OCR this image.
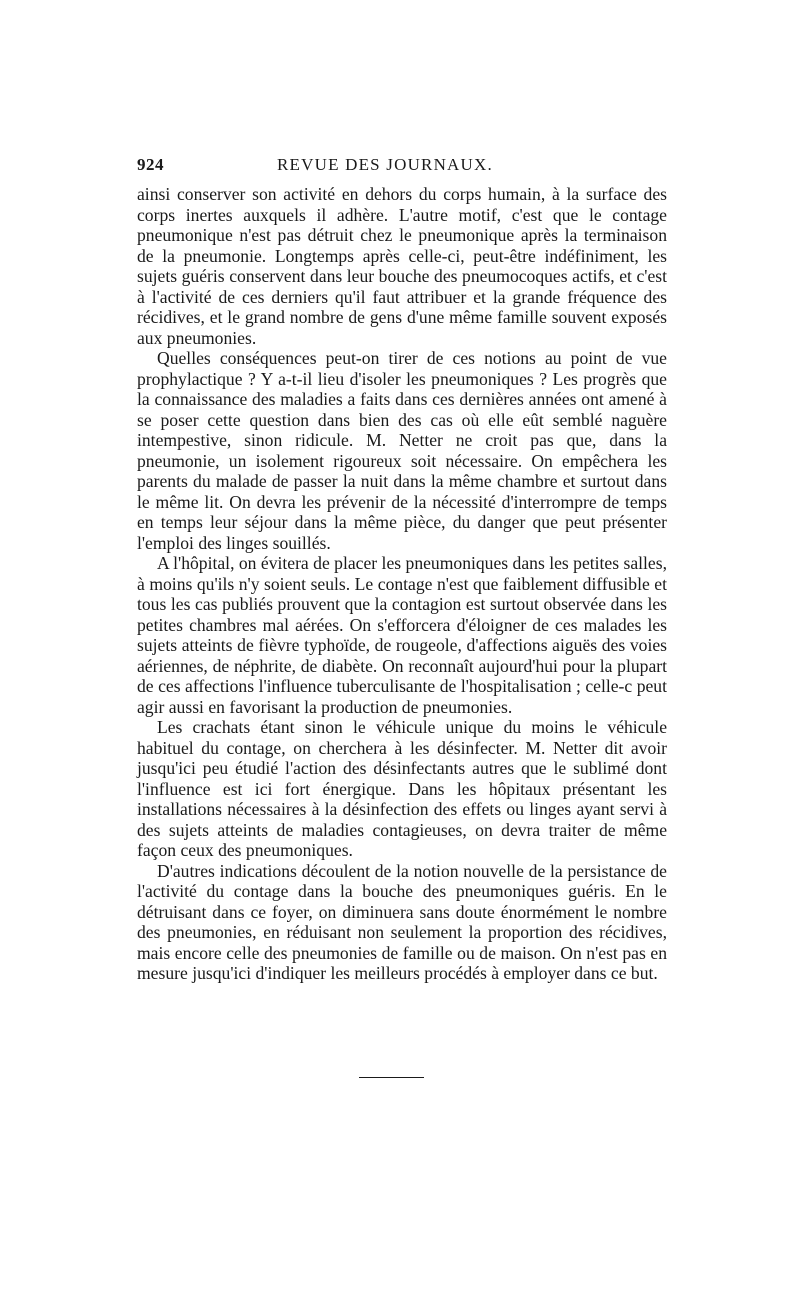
924	REVUE DES JOURNAUX.

ainsi conserver son activité en dehors du corps humain, à la surface des corps inertes auxquels il adhère. L'autre motif, c'est que le contage pneumonique n'est pas détruit chez le pneumonique après la terminaison de la pneumonie. Longtemps après celle-ci, peut-être indéfiniment, les sujets guéris conservent dans leur bouche des pneumocoques actifs, et c'est à l'activité de ces derniers qu'il faut attribuer et la grande fréquence des récidives, et le grand nombre de gens d'une même famille souvent exposés aux pneumonies.

Quelles conséquences peut-on tirer de ces notions au point de vue prophylactique ? Y a-t-il lieu d'isoler les pneumoniques ? Les progrès que la connaissance des maladies a faits dans ces dernières années ont amené à se poser cette question dans bien des cas où elle eût semblé naguère intempestive, sinon ridicule. M. Netter ne croit pas que, dans la pneumonie, un isolement rigoureux soit nécessaire. On empêchera les parents du malade de passer la nuit dans la même chambre et surtout dans le même lit. On devra les prévenir de la nécessité d'interrompre de temps en temps leur séjour dans la même pièce, du danger que peut présenter l'emploi des linges souillés.

A l'hôpital, on évitera de placer les pneumoniques dans les petites salles, à moins qu'ils n'y soient seuls. Le contage n'est que faiblement diffusible et tous les cas publiés prouvent que la contagion est surtout observée dans les petites chambres mal aérées. On s'efforcera d'éloigner de ces malades les sujets atteints de fièvre typhoïde, de rougeole, d'affections aiguës des voies aériennes, de néphrite, de diabète. On reconnaît aujourd'hui pour la plupart de ces affections l'influence tuberculisante de l'hospitalisation ; celle-c peut agir aussi en favorisant la production de pneumonies.

Les crachats étant sinon le véhicule unique du moins le véhicule habituel du contage, on cherchera à les désinfecter. M. Netter dit avoir jusqu'ici peu étudié l'action des désinfectants autres que le sublimé dont l'influence est ici fort énergique. Dans les hôpitaux présentant les installations nécessaires à la désinfection des effets ou linges ayant servi à des sujets atteints de maladies contagieuses, on devra traiter de même façon ceux des pneumoniques.

D'autres indications découlent de la notion nouvelle de la persistance de l'activité du contage dans la bouche des pneumoniques guéris. En le détruisant dans ce foyer, on diminuera sans doute énormément le nombre des pneumonies, en réduisant non seulement la proportion des récidives, mais encore celle des pneumonies de famille ou de maison. On n'est pas en mesure jusqu'ici d'indiquer les meilleurs procédés à employer dans ce but.
